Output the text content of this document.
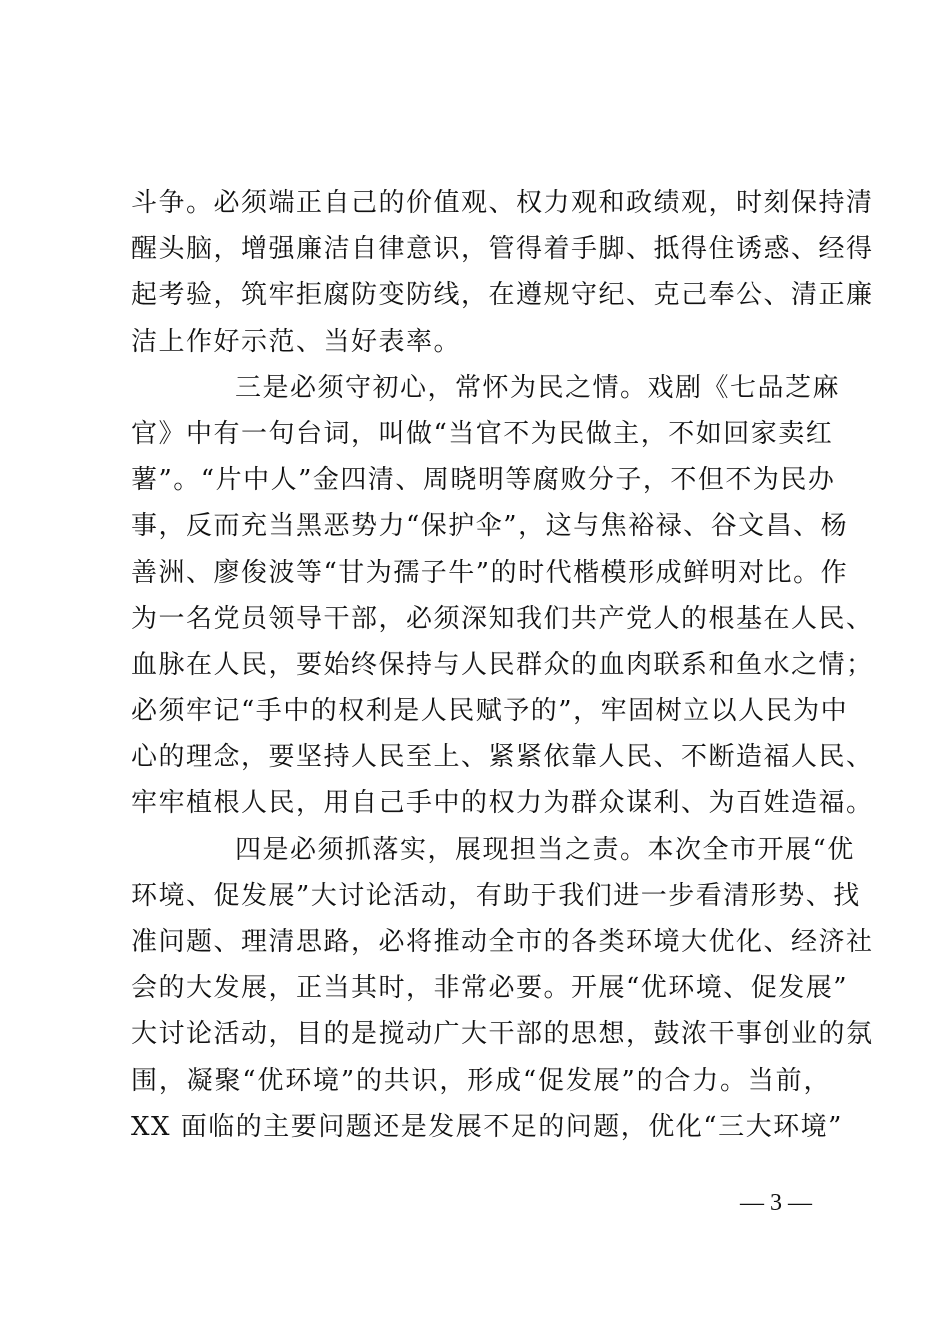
斗争。必须端正自己的价值观、权力观和政绩观，时刻保持清
醒头脑，增强廉洁自律意识，管得着手脚、抵得住诱惑、经得
起考验，筑牢拒腐防变防线，在遵规守纪、克己奉公、清正廉
洁上作好示范、当好表率。
三是必须守初心，常怀为民之情。戏剧《七品芝麻
官》中有一句台词，叫做“当官不为民做主，不如回家卖红
薯”。“片中人”金四清、周晓明等腐败分子，不但不为民办
事，反而充当黑恶势力“保护伞”，这与焦裕禄、谷文昌、杨
善洲、廖俊波等“甘为孺子牛”的时代楷模形成鲜明对比。作
为一名党员领导干部，必须深知我们共产党人的根基在人民、
血脉在人民，要始终保持与人民群众的血肉联系和鱼水之情；
必须牢记“手中的权利是人民赋予的”，牢固树立以人民为中
心的理念，要坚持人民至上、紧紧依靠人民、不断造福人民、
牢牢植根人民，用自己手中的权力为群众谋利、为百姓造福。
四是必须抓落实，展现担当之责。本次全市开展“优
环境、促发展”大讨论活动，有助于我们进一步看清形势、找
准问题、理清思路，必将推动全市的各类环境大优化、经济社
会的大发展，正当其时，非常必要。开展“优环境、促发展”
大讨论活动，目的是搅动广大干部的思想，鼓浓干事创业的氛
围，凝聚“优环境”的共识，形成“促发展”的合力。当前，
XX 面临的主要问题还是发展不足的问题，优化“三大环境”
— 3 —
